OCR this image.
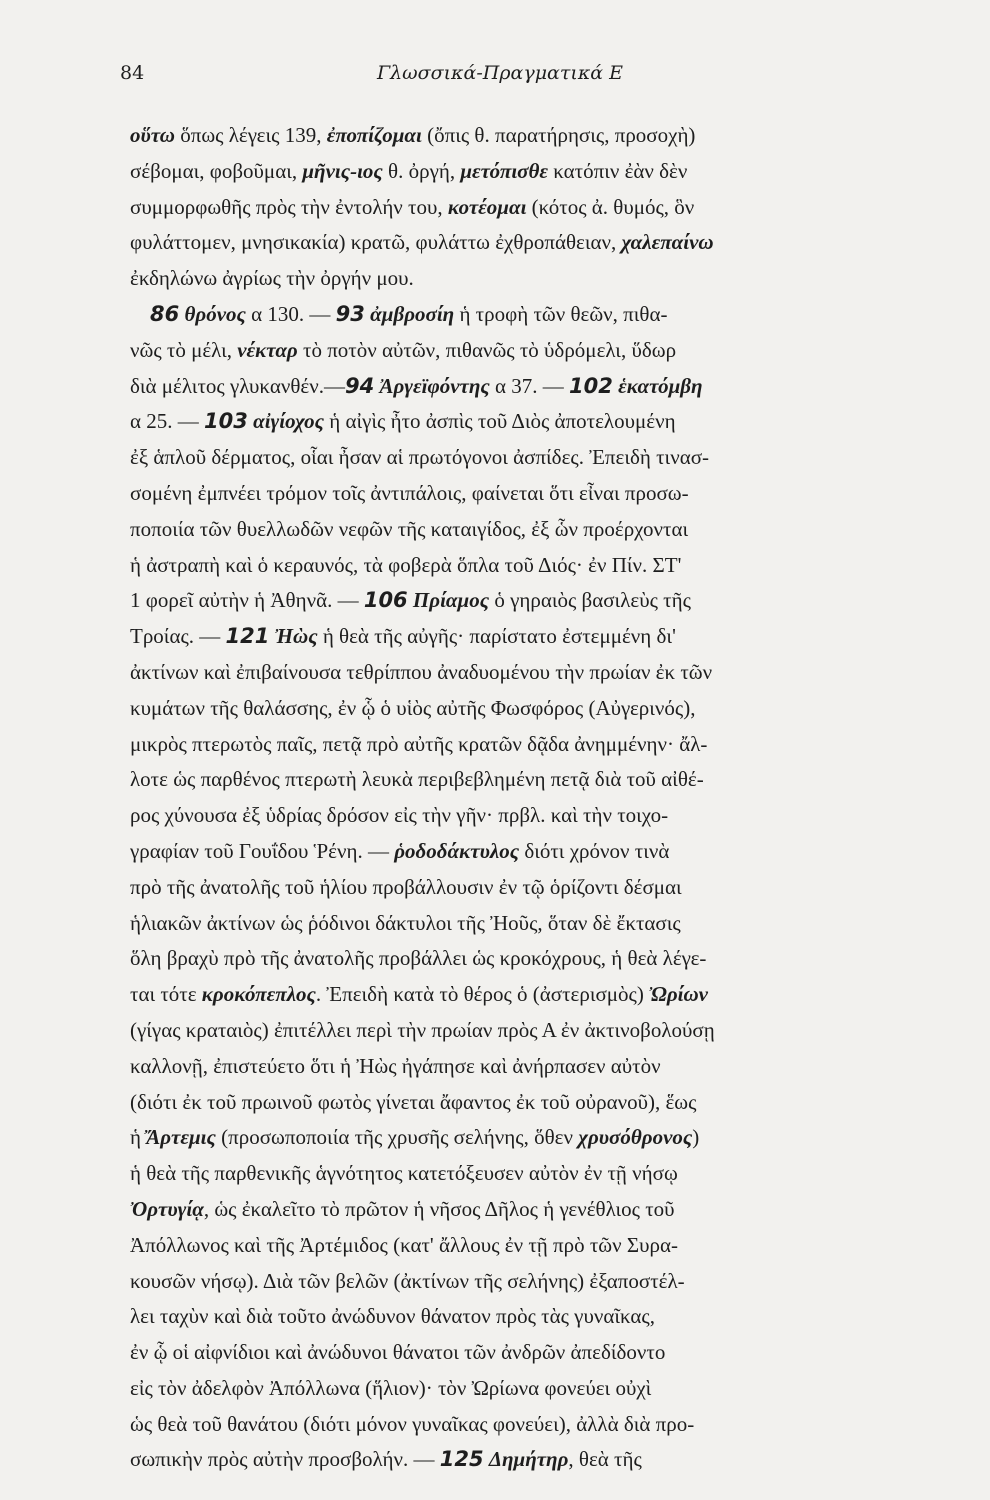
84	Γλωσσικά-Πραγματικά Ε
οὕτω ὅπως λέγεις 139, ἐποπίζομαι (ὄπις θ. παρατήρησις, προσοχὴ)
σέβομαι, φοβοῦμαι, μῆνις-ιος θ. ὀργή, μετόπισθε κατόπιν ἐὰν δὲν
συμμορφωθῆς πρὸς τὴν ἐντολήν του, κοτέομαι (κότος ἀ. θυμός, ὃν
φυλάττομεν, μνησικακία) κρατῶ, φυλάττω ἐχθροπάθειαν, χαλεπαίνω
ἐκδηλώνω ἀγρίως τὴν ὀργήν μου.
86 θρόνος α 130. — 93 ἀμβροσίη ἡ τροφὴ τῶν θεῶν, πιθα-
νῶς τὸ μέλι, νέκταρ τὸ ποτὸν αὐτῶν, πιθανῶς τὸ ὑδρόμελι, ὕδωρ
διὰ μέλιτος γλυκανθέν.—94 Ἀργεϊφόντης α 37. — 102 ἑκατόμβη
α 25. — 103 αἰγίοχος ἡ αἰγὶς ἦτο ἀσπὶς τοῦ Διὸς ἀποτελουμένη
ἐξ ἁπλοῦ δέρματος, οἷαι ἦσαν αἱ πρωτόγονοι ἀσπίδες. Ἐπειδὴ τινασ-
σομένη ἐμπνέει τρόμον τοῖς ἀντιπάλοις, φαίνεται ὅτι εἶναι προσω-
ποποιία τῶν θυελλωδῶν νεφῶν τῆς καταιγίδος, ἐξ ὧν προέρχονται
ἡ ἀστραπὴ καὶ ὁ κεραυνός, τὰ φοβερὰ ὅπλα τοῦ Διός· ἐν Πίν. ΣΤ'
1 φορεῖ αὐτὴν ἡ Ἀθηνᾶ. — 106 Πρίαμος ὁ γηραιὸς βασιλεὺς τῆς
Τροίας. — 121 Ἠὼς ἡ θεὰ τῆς αὐγῆς· παρίστατο ἐστεμμένη δι'
ἀκτίνων καὶ ἐπιβαίνουσα τεθρίππου ἀναδυομένου τὴν πρωίαν ἐκ τῶν
κυμάτων τῆς θαλάσσης, ἐν ᾧ ὁ υἱὸς αὐτῆς Φωσφόρος (Αὐγερινός),
μικρὸς πτερωτὸς παῖς, πετᾷ πρὸ αὐτῆς κρατῶν δᾷδα ἀνημμένην· ἄλ-
λοτε ὡς παρθένος πτερωτὴ λευκὰ περιβεβλημένη πετᾷ διὰ τοῦ αἰθέ-
ρος χύνουσα ἐξ ὑδρίας δρόσον εἰς τὴν γῆν· πρβλ. καὶ τὴν τοιχο-
γραφίαν τοῦ Γουΐδου Ῥένη. — ῥοδοδάκτυλος διότι χρόνον τινὰ
πρὸ τῆς ἀνατολῆς τοῦ ἡλίου προβάλλουσιν ἐν τῷ ὁρίζοντι δέσμαι
ἡλιακῶν ἀκτίνων ὡς ῥόδινοι δάκτυλοι τῆς Ἠοῦς, ὅταν δὲ ἔκτασις
ὅλη βραχὺ πρὸ τῆς ἀνατολῆς προβάλλει ὡς κροκόχρους, ἡ θεὰ λέγε-
ται τότε κροκόπεπλος. Ἐπειδὴ κατὰ τὸ θέρος ὁ (ἀστερισμὸς) Ὠρίων
(γίγας κραταιὸς) ἐπιτέλλει περὶ τὴν πρωίαν πρὸς Α ἐν ἀκτινοβολούσῃ
καλλονῇ, ἐπιστεύετο ὅτι ἡ Ἠὼς ἠγάπησε καὶ ἀνήρπασεν αὐτὸν
(διότι ἐκ τοῦ πρωινοῦ φωτὸς γίνεται ἄφαντος ἐκ τοῦ οὐρανοῦ), ἕως
ἡ Ἄρτεμις (προσωποποιία τῆς χρυσῆς σελήνης, ὅθεν χρυσόθρονος)
ἡ θεὰ τῆς παρθενικῆς ἁγνότητος κατετόξευσεν αὐτὸν ἐν τῇ νήσῳ
Ὀρτυγίᾳ, ὡς ἐκαλεῖτο τὸ πρῶτον ἡ νῆσος Δῆλος ἡ γενέθλιος τοῦ
Ἀπόλλωνος καὶ τῆς Ἀρτέμιδος (κατ' ἄλλους ἐν τῇ πρὸ τῶν Συρα-
κουσῶν νήσῳ). Διὰ τῶν βελῶν (ἀκτίνων τῆς σελήνης) ἐξαποστέλ-
λει ταχὺν καὶ διὰ τοῦτο ἀνώδυνον θάνατον πρὸς τὰς γυναῖκας,
ἐν ᾧ οἱ αἰφνίδιοι καὶ ἀνώδυνοι θάνατοι τῶν ἀνδρῶν ἀπεδίδοντο
εἰς τὸν ἀδελφὸν Ἀπόλλωνα (ἥλιον)· τὸν Ὠρίωνα φονεύει οὐχὶ
ὡς θεὰ τοῦ θανάτου (διότι μόνον γυναῖκας φονεύει), ἀλλὰ διὰ προ-
σωπικὴν πρὸς αὐτὴν προσβολήν. — 125 Δημήτηρ, θεὰ τῆς
